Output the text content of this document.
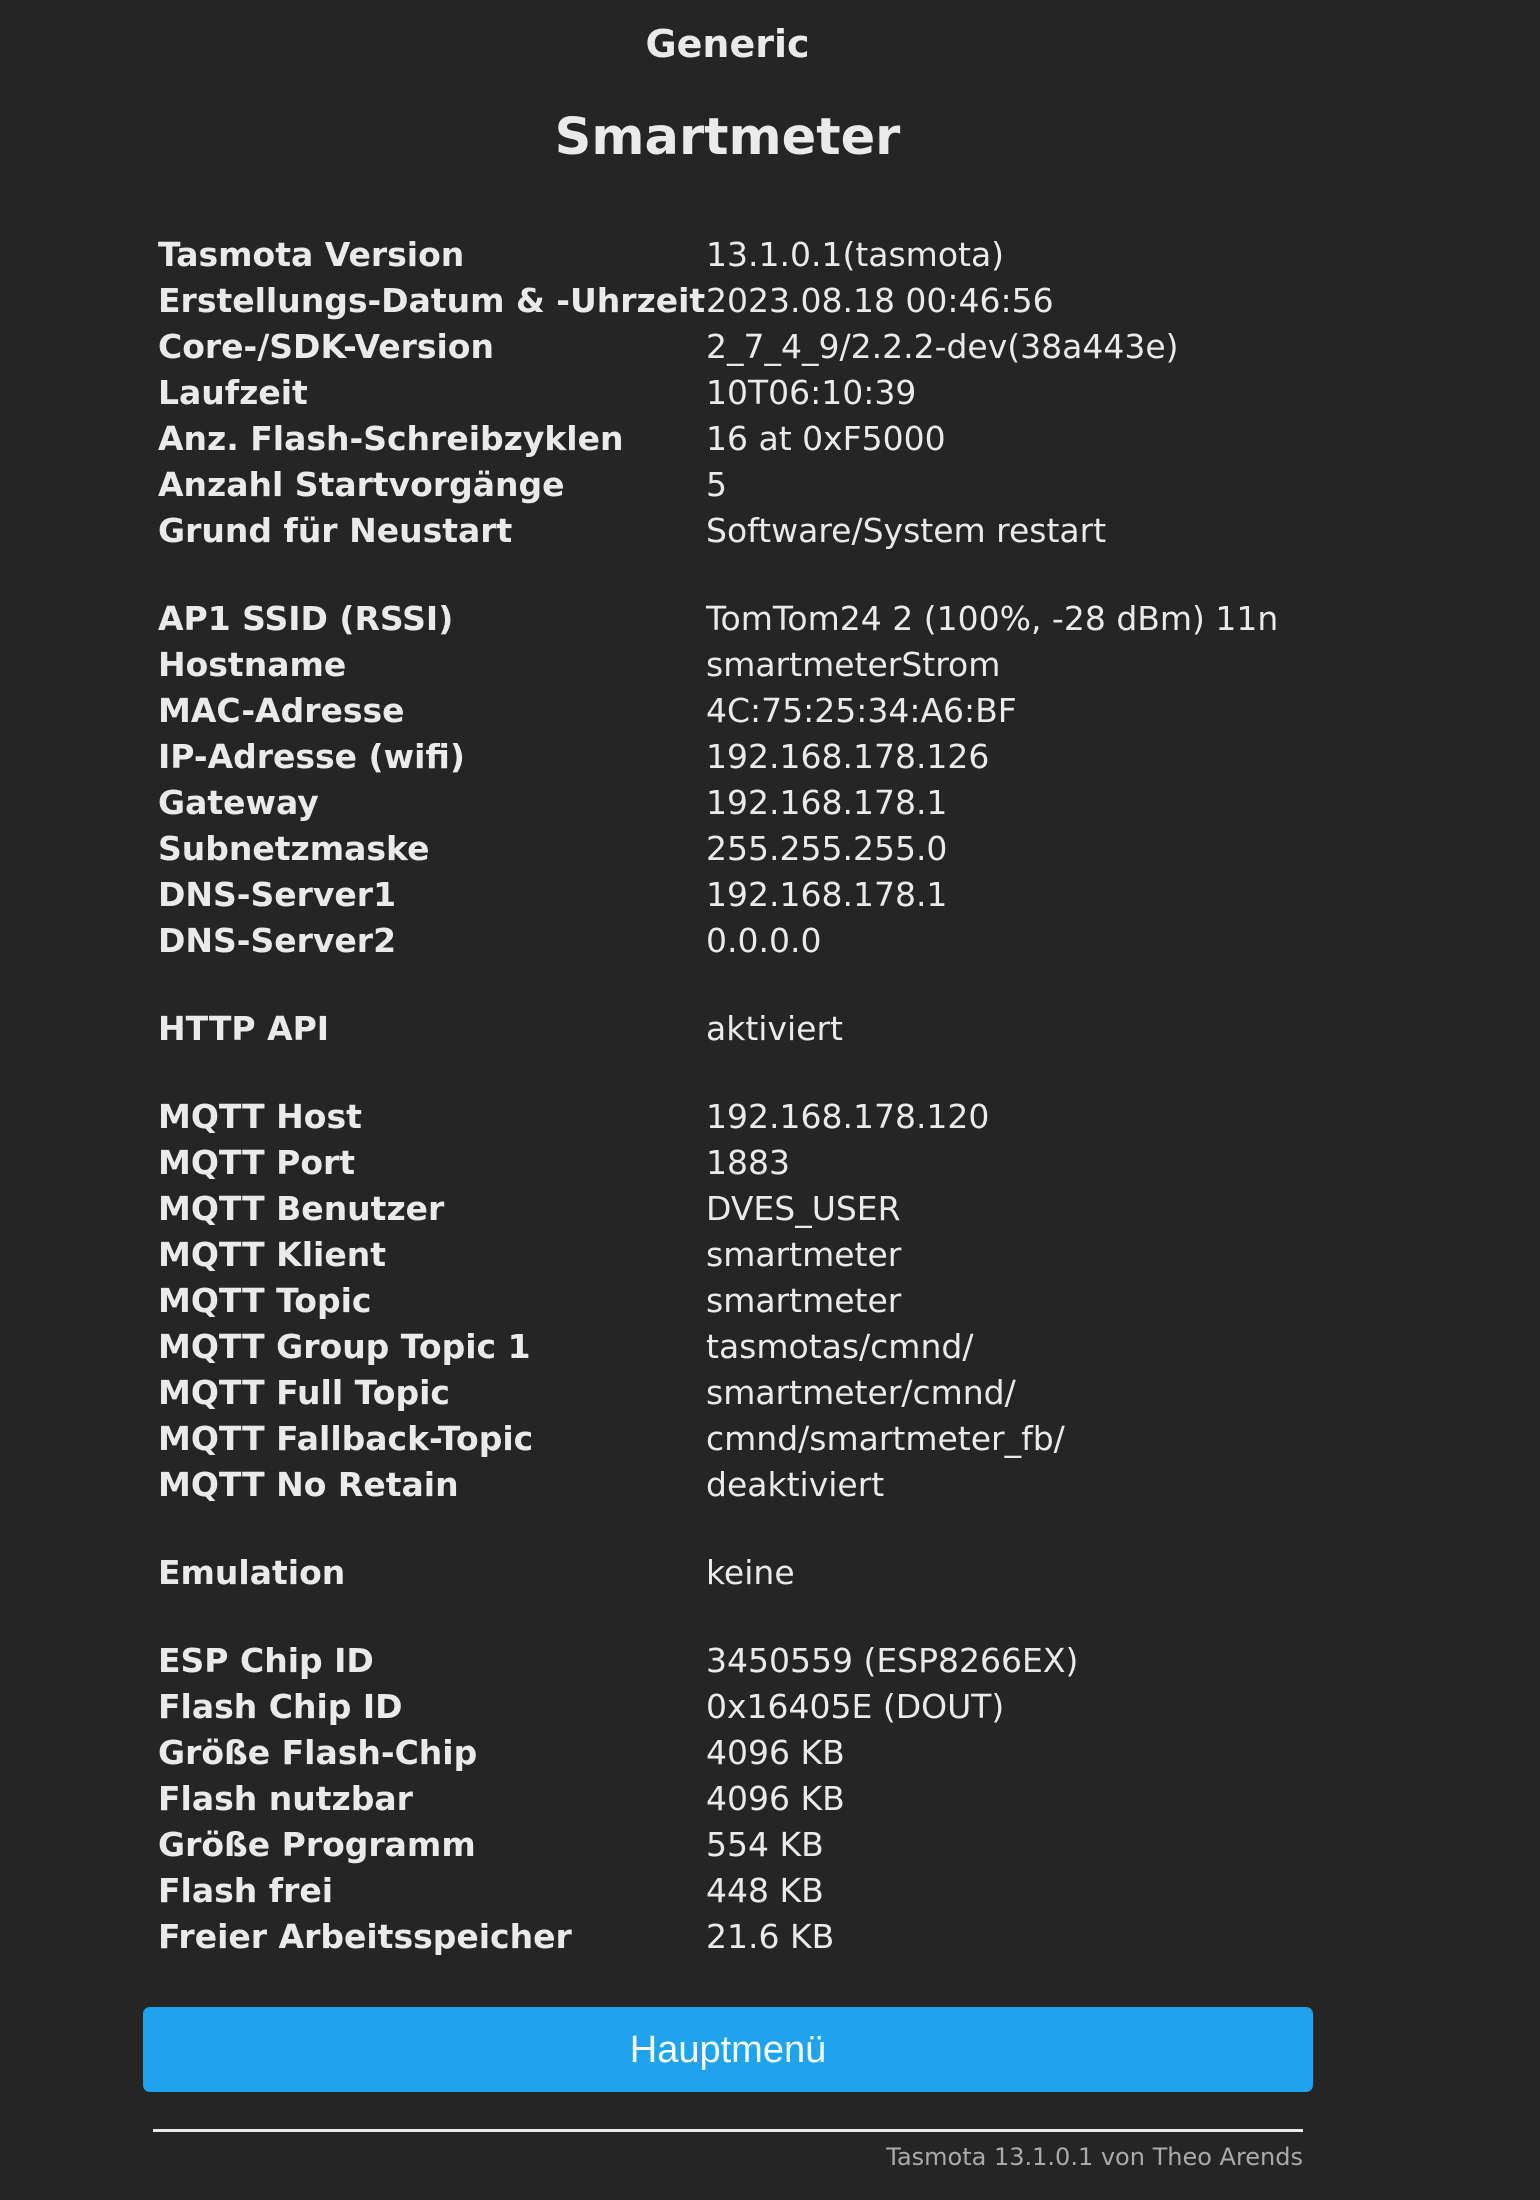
Generic
Smartmeter
Tasmota Version	13.1.0.1(tasmota)
Erstellungs-Datum & -Uhrzeit	2023.08.18 00:46:56
Core-/SDK-Version	2_7_4_9/2.2.2-dev(38a443e)
Laufzeit	10T06:10:39
Anz. Flash-Schreibzyklen	16 at 0xF5000
Anzahl Startvorgänge	5
Grund für Neustart	Software/System restart

AP1 SSID (RSSI)	TomTom24 2 (100%, -28 dBm) 11n
Hostname	smartmeterStrom
MAC-Adresse	4C:75:25:34:A6:BF
IP-Adresse (wifi)	192.168.178.126
Gateway	192.168.178.1
Subnetzmaske	255.255.255.0
DNS-Server1	192.168.178.1
DNS-Server2	0.0.0.0

HTTP API	aktiviert

MQTT Host	192.168.178.120
MQTT Port	1883
MQTT Benutzer	DVES_USER
MQTT Klient	smartmeter
MQTT Topic	smartmeter
MQTT Group Topic 1	tasmotas/cmnd/
MQTT Full Topic	smartmeter/cmnd/
MQTT Fallback-Topic	cmnd/smartmeter_fb/
MQTT No Retain	deaktiviert

Emulation	keine

ESP Chip ID	3450559 (ESP8266EX)
Flash Chip ID	0x16405E (DOUT)
Größe Flash-Chip	4096 KB
Flash nutzbar	4096 KB
Größe Programm	554 KB
Flash frei	448 KB
Freier Arbeitsspeicher	21.6 KB
Hauptmenü
Tasmota 13.1.0.1 von Theo Arends
